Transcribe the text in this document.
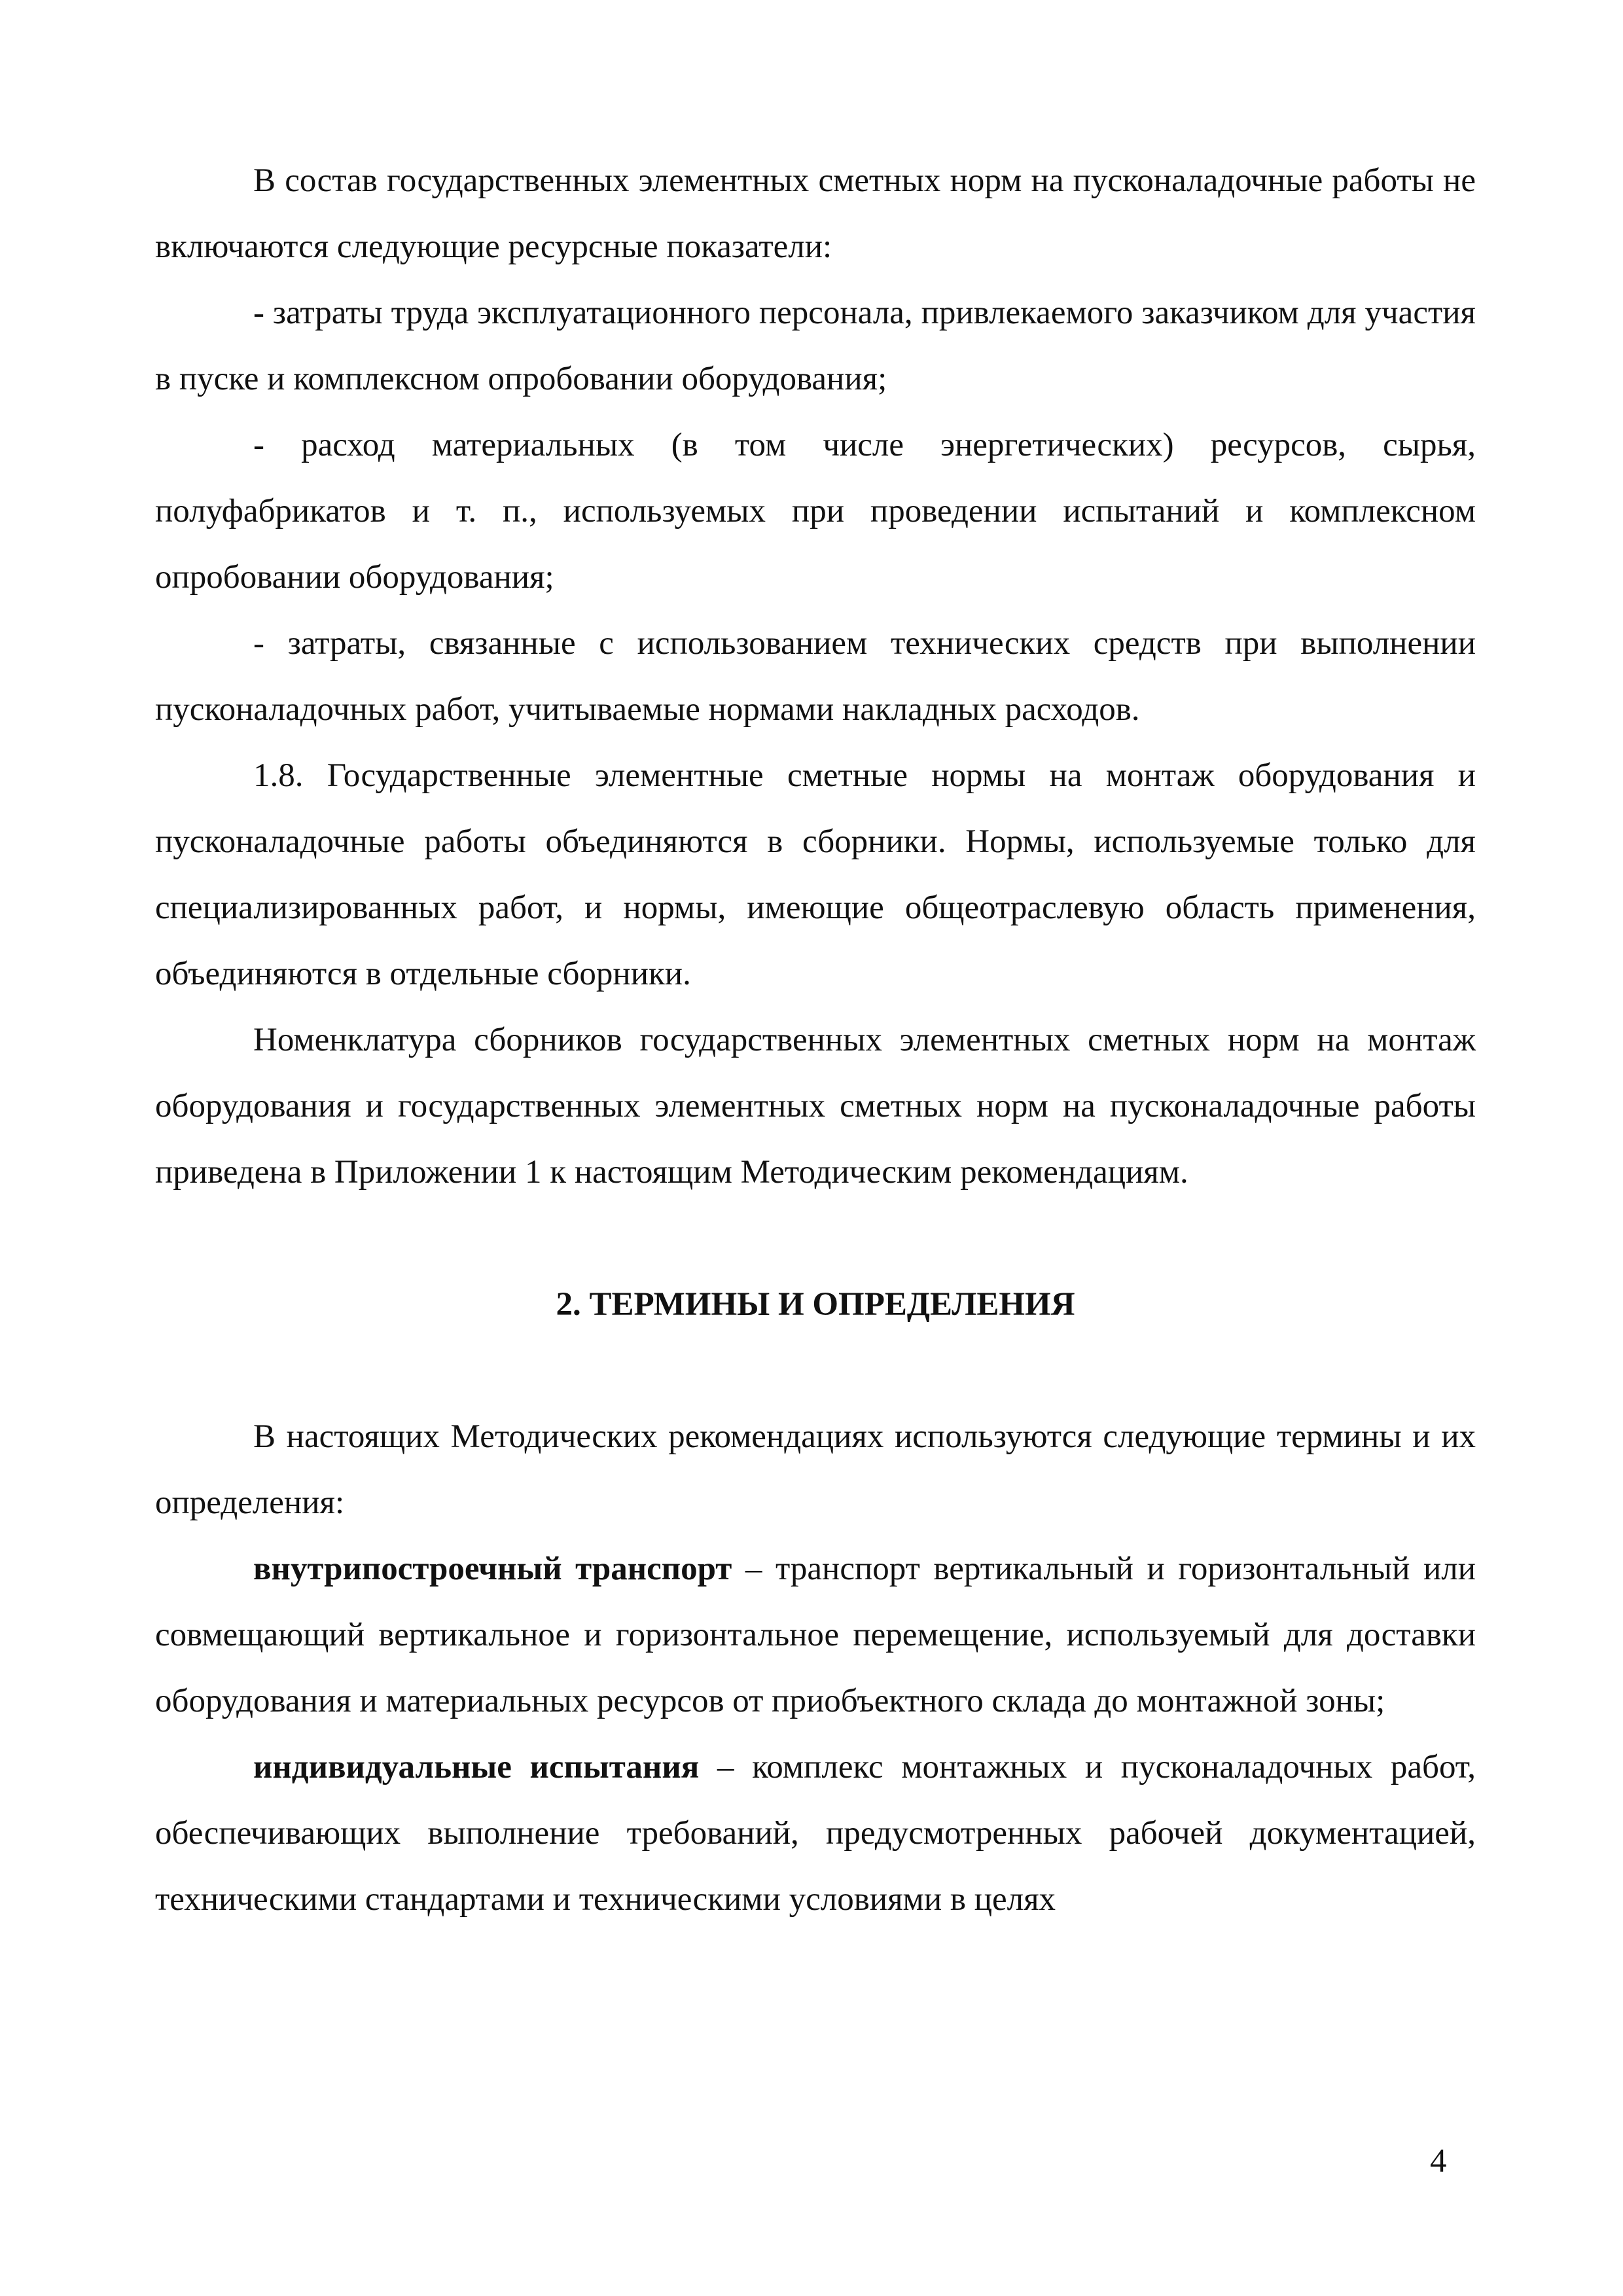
В состав государственных элементных сметных норм на пусконаладочные работы не включаются следующие ресурсные показатели:

- затраты труда эксплуатационного персонала, привлекаемого заказчиком для участия в пуске и комплексном опробовании оборудования;

- расход материальных (в том числе энергетических) ресурсов, сырья, полуфабрикатов и т. п., используемых при проведении испытаний и комплексном опробовании оборудования;

- затраты, связанные с использованием технических средств при выполнении пусконаладочных работ, учитываемые нормами накладных расходов.

1.8. Государственные элементные сметные нормы на монтаж оборудования и пусконаладочные работы объединяются в сборники. Нормы, используемые только для специализированных работ, и нормы, имеющие общеотраслевую область применения, объединяются в отдельные сборники.

Номенклатура сборников государственных элементных сметных норм на монтаж оборудования и государственных элементных сметных норм на пусконаладочные работы приведена в Приложении 1 к настоящим Методическим рекомендациям.

2. ТЕРМИНЫ И ОПРЕДЕЛЕНИЯ

В настоящих Методических рекомендациях используются следующие термины и их определения:

внутрипостроечный транспорт – транспорт вертикальный и горизонтальный или совмещающий вертикальное и горизонтальное перемещение, используемый для доставки оборудования и материальных ресурсов от приобъектного склада до монтажной зоны;

индивидуальные испытания – комплекс монтажных и пусконаладочных работ, обеспечивающих выполнение требований, предусмотренных рабочей документацией, техническими стандартами и техническими условиями в целях

4
